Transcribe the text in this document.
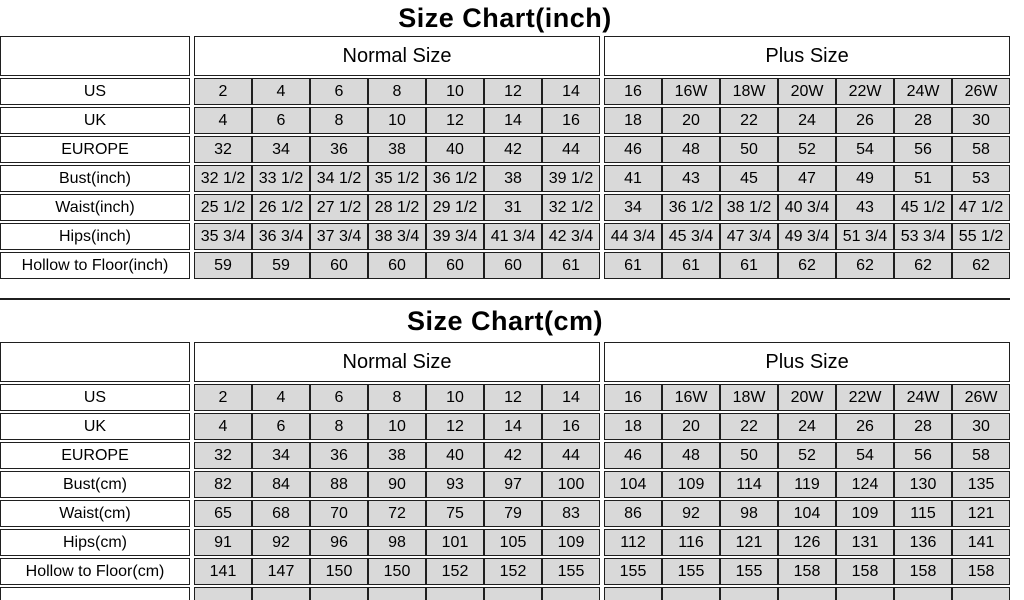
Size Chart(inch)
		Normal Size								Plus Size						
US		2	4	6	8	10	12	14		16	16W	18W	20W	22W	24W	26W
UK		4	6	8	10	12	14	16		18	20	22	24	26	28	30
EUROPE		32	34	36	38	40	42	44		46	48	50	52	54	56	58
Bust(inch)		32 1/2	33 1/2	34 1/2	35 1/2	36 1/2	38	39 1/2		41	43	45	47	49	51	53
Waist(inch)		25 1/2	26 1/2	27 1/2	28 1/2	29 1/2	31	32 1/2		34	36 1/2	38 1/2	40 3/4	43	45 1/2	47 1/2
Hips(inch)		35 3/4	36 3/4	37 3/4	38 3/4	39 3/4	41 3/4	42 3/4		44 3/4	45 3/4	47 3/4	49 3/4	51 3/4	53 3/4	55 1/2
Hollow to Floor(inch)		59	59	60	60	60	60	61		61	61	61	62	62	62	62
Size Chart(cm)
		Normal Size								Plus Size						
US		2	4	6	8	10	12	14		16	16W	18W	20W	22W	24W	26W
UK		4	6	8	10	12	14	16		18	20	22	24	26	28	30
EUROPE		32	34	36	38	40	42	44		46	48	50	52	54	56	58
Bust(cm)		82	84	88	90	93	97	100		104	109	114	119	124	130	135
Waist(cm)		65	68	70	72	75	79	83		86	92	98	104	109	115	121
Hips(cm)		91	92	96	98	101	105	109		112	116	121	126	131	136	141
Hollow to Floor(cm)		141	147	150	150	152	152	155		155	155	155	158	158	158	158
